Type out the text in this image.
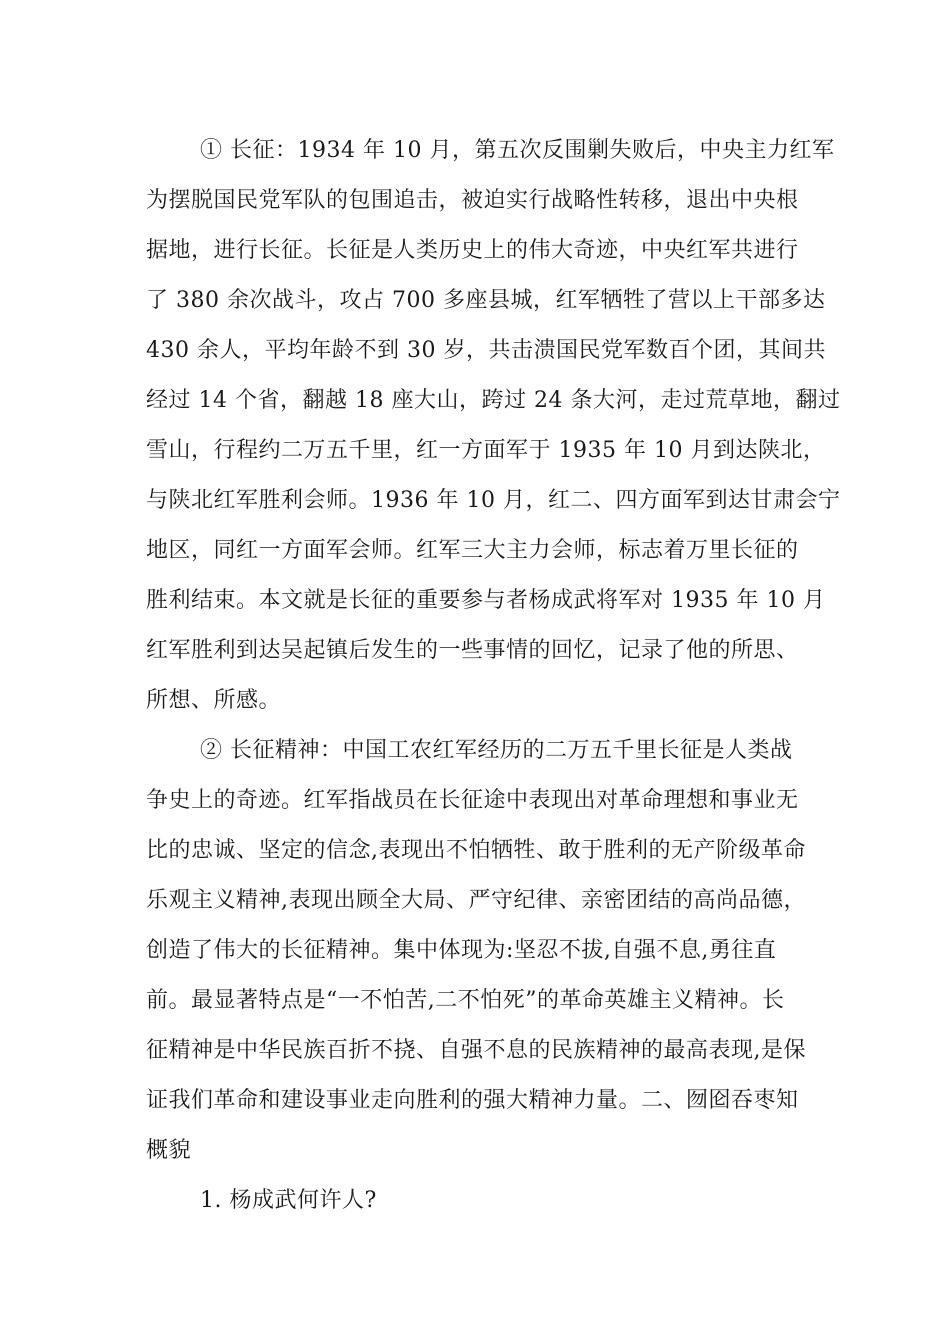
① 长征：1934 年 10 月，第五次反围剿失败后，中央主力红军
为摆脱国民党军队的包围追击，被迫实行战略性转移，退出中央根
据地，进行长征。长征是人类历史上的伟大奇迹，中央红军共进行
了 380 余次战斗，攻占 700 多座县城，红军牺牲了营以上干部多达
430 余人，平均年龄不到 30 岁，共击溃国民党军数百个团，其间共
经过 14 个省，翻越 18 座大山，跨过 24 条大河，走过荒草地，翻过
雪山，行程约二万五千里，红一方面军于 1935 年 10 月到达陕北，
与陕北红军胜利会师。1936 年 10 月，红二、四方面军到达甘肃会宁
地区，同红一方面军会师。红军三大主力会师，标志着万里长征的
胜利结束。本文就是长征的重要参与者杨成武将军对 1935 年 10 月
红军胜利到达吴起镇后发生的一些事情的回忆，记录了他的所思、
所想、所感。
② 长征精神：中国工农红军经历的二万五千里长征是人类战
争史上的奇迹。红军指战员在长征途中表现出对革命理想和事业无
比的忠诚、坚定的信念,表现出不怕牺牲、敢于胜利的无产阶级革命
乐观主义精神,表现出顾全大局、严守纪律、亲密团结的高尚品德，
创造了伟大的长征精神。集中体现为:坚忍不拔,自强不息,勇往直
前。最显著特点是“一不怕苦,二不怕死”的革命英雄主义精神。长
征精神是中华民族百折不挠、自强不息的民族精神的最高表现,是保
证我们革命和建设事业走向胜利的强大精神力量。二、囫囵吞枣知
概貌
1. 杨成武何许人?
